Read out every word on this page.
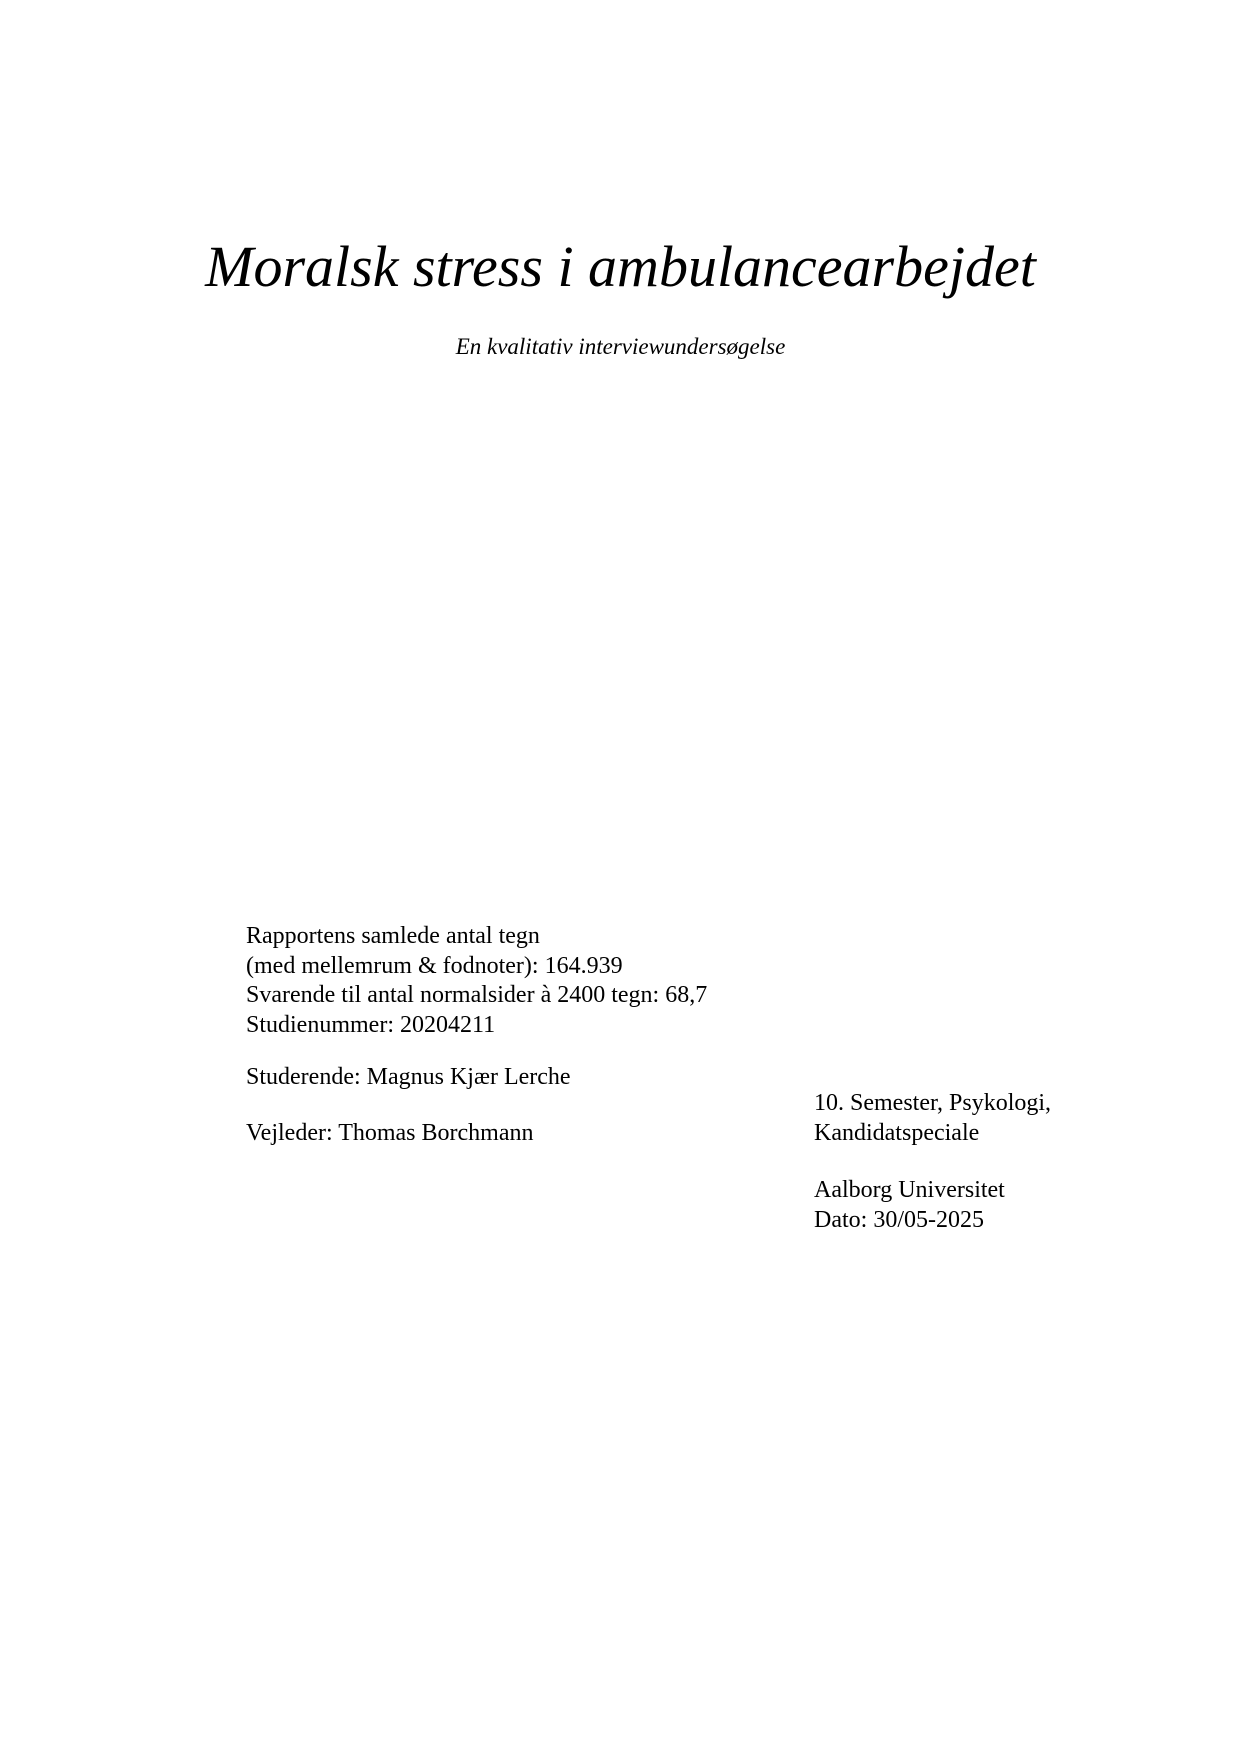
Moralsk stress i ambulancearbejdet
En kvalitativ interviewundersøgelse
Rapportens samlede antal tegn
(med mellemrum & fodnoter): 164.939
Svarende til antal normalsider à 2400 tegn: 68,7
Studienummer: 20204211
Studerende: Magnus Kjær Lerche
Vejleder: Thomas Borchmann
10. Semester, Psykologi,
Kandidatspeciale
Aalborg Universitet
Dato: 30/05-2025
